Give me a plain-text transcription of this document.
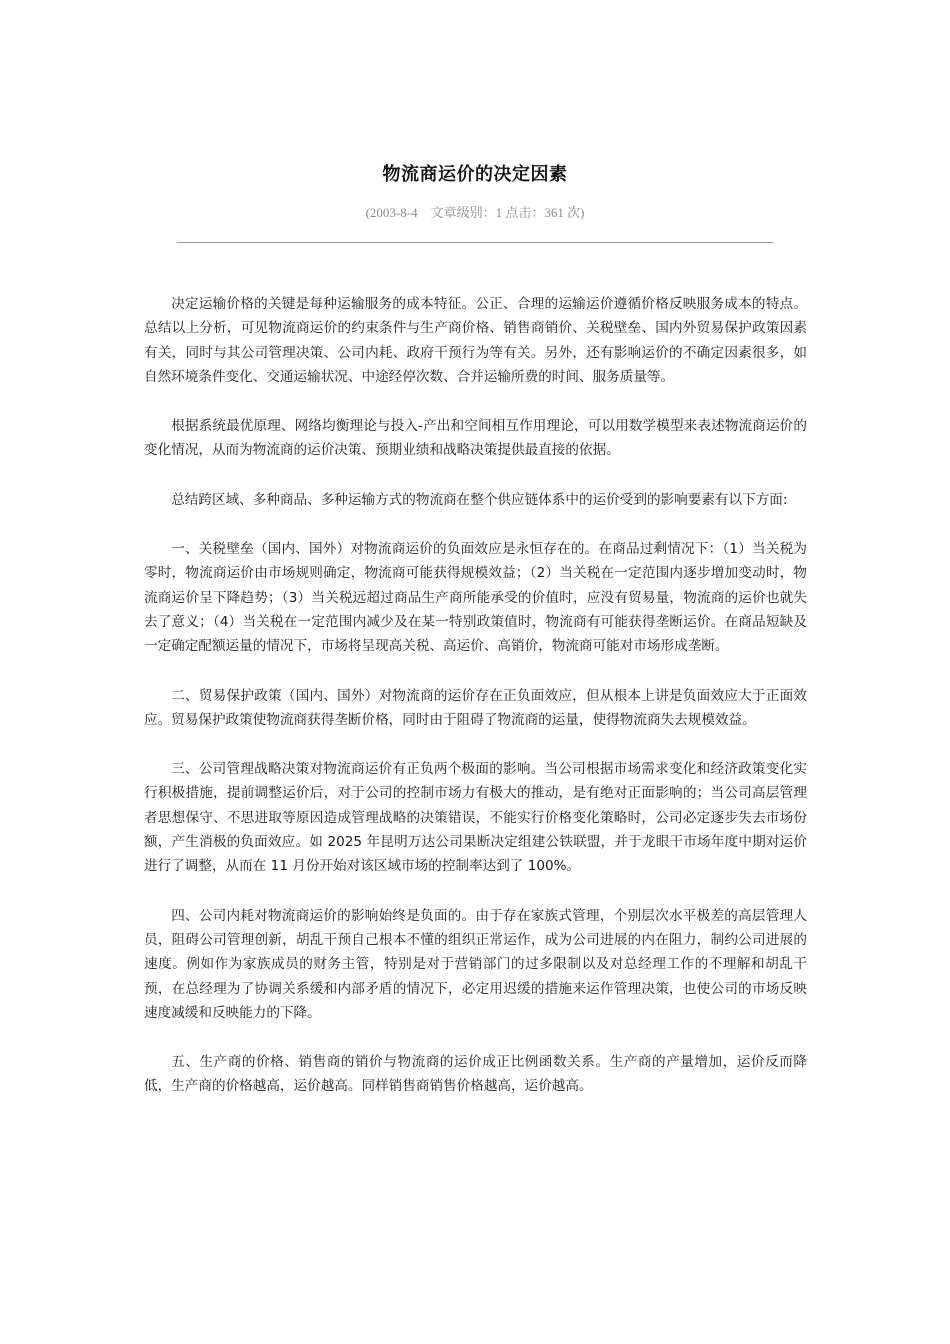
物流商运价的决定因素
(2003-8-4　文章级别：1 点击：361 次)

决定运输价格的关键是每种运输服务的成本特征。公正、合理的运输运价遵循价格反映服务成本的特点。总结以上分析，可见物流商运价的约束条件与生产商价格、销售商销价、关税壁垒、国内外贸易保护政策因素有关，同时与其公司管理决策、公司内耗、政府干预行为等有关。另外，还有影响运价的不确定因素很多，如自然环境条件变化、交通运输状况、中途经停次数、合并运输所费的时间、服务质量等。

根据系统最优原理、网络均衡理论与投入-产出和空间相互作用理论，可以用数学模型来表述物流商运价的变化情况，从而为物流商的运价决策、预期业绩和战略决策提供最直接的依据。

总结跨区域、多种商品、多种运输方式的物流商在整个供应链体系中的运价受到的影响要素有以下方面:

一、关税壁垒（国内、国外）对物流商运价的负面效应是永恒存在的。在商品过剩情况下：（1）当关税为零时，物流商运价由市场规则确定，物流商可能获得规模效益；（2）当关税在一定范围内逐步增加变动时，物流商运价呈下降趋势；（3）当关税远超过商品生产商所能承受的价值时，应没有贸易量，物流商的运价也就失去了意义；（4）当关税在一定范围内减少及在某一特别政策值时，物流商有可能获得垄断运价。在商品短缺及一定确定配额运量的情况下，市场将呈现高关税、高运价、高销价，物流商可能对市场形成垄断。

二、贸易保护政策（国内、国外）对物流商的运价存在正负面效应，但从根本上讲是负面效应大于正面效应。贸易保护政策使物流商获得垄断价格，同时由于阻碍了物流商的运量，使得物流商失去规模效益。

三、公司管理战略决策对物流商运价有正负两个极面的影响。当公司根据市场需求变化和经济政策变化实行积极措施，提前调整运价后，对于公司的控制市场力有极大的推动，是有绝对正面影响的；当公司高层管理者思想保守、不思进取等原因造成管理战略的决策错误，不能实行价格变化策略时，公司必定逐步失去市场份额，产生消极的负面效应。如 2025 年昆明万达公司果断决定组建公铁联盟，并于龙眼干市场年度中期对运价进行了调整，从而在 11 月份开始对该区域市场的控制率达到了 100%。

四、公司内耗对物流商运价的影响始终是负面的。由于存在家族式管理，个别层次水平极差的高层管理人员，阻碍公司管理创新，胡乱干预自己根本不懂的组织正常运作，成为公司进展的内在阻力，制约公司进展的速度。例如作为家族成员的财务主管，特别是对于营销部门的过多限制以及对总经理工作的不理解和胡乱干预，在总经理为了协调关系缓和内部矛盾的情况下，必定用迟缓的措施来运作管理决策，也使公司的市场反映速度减缓和反映能力的下降。

五、生产商的价格、销售商的销价与物流商的运价成正比例函数关系。生产商的产量增加，运价反而降低，生产商的价格越高，运价越高。同样销售商销售价格越高，运价越高。
